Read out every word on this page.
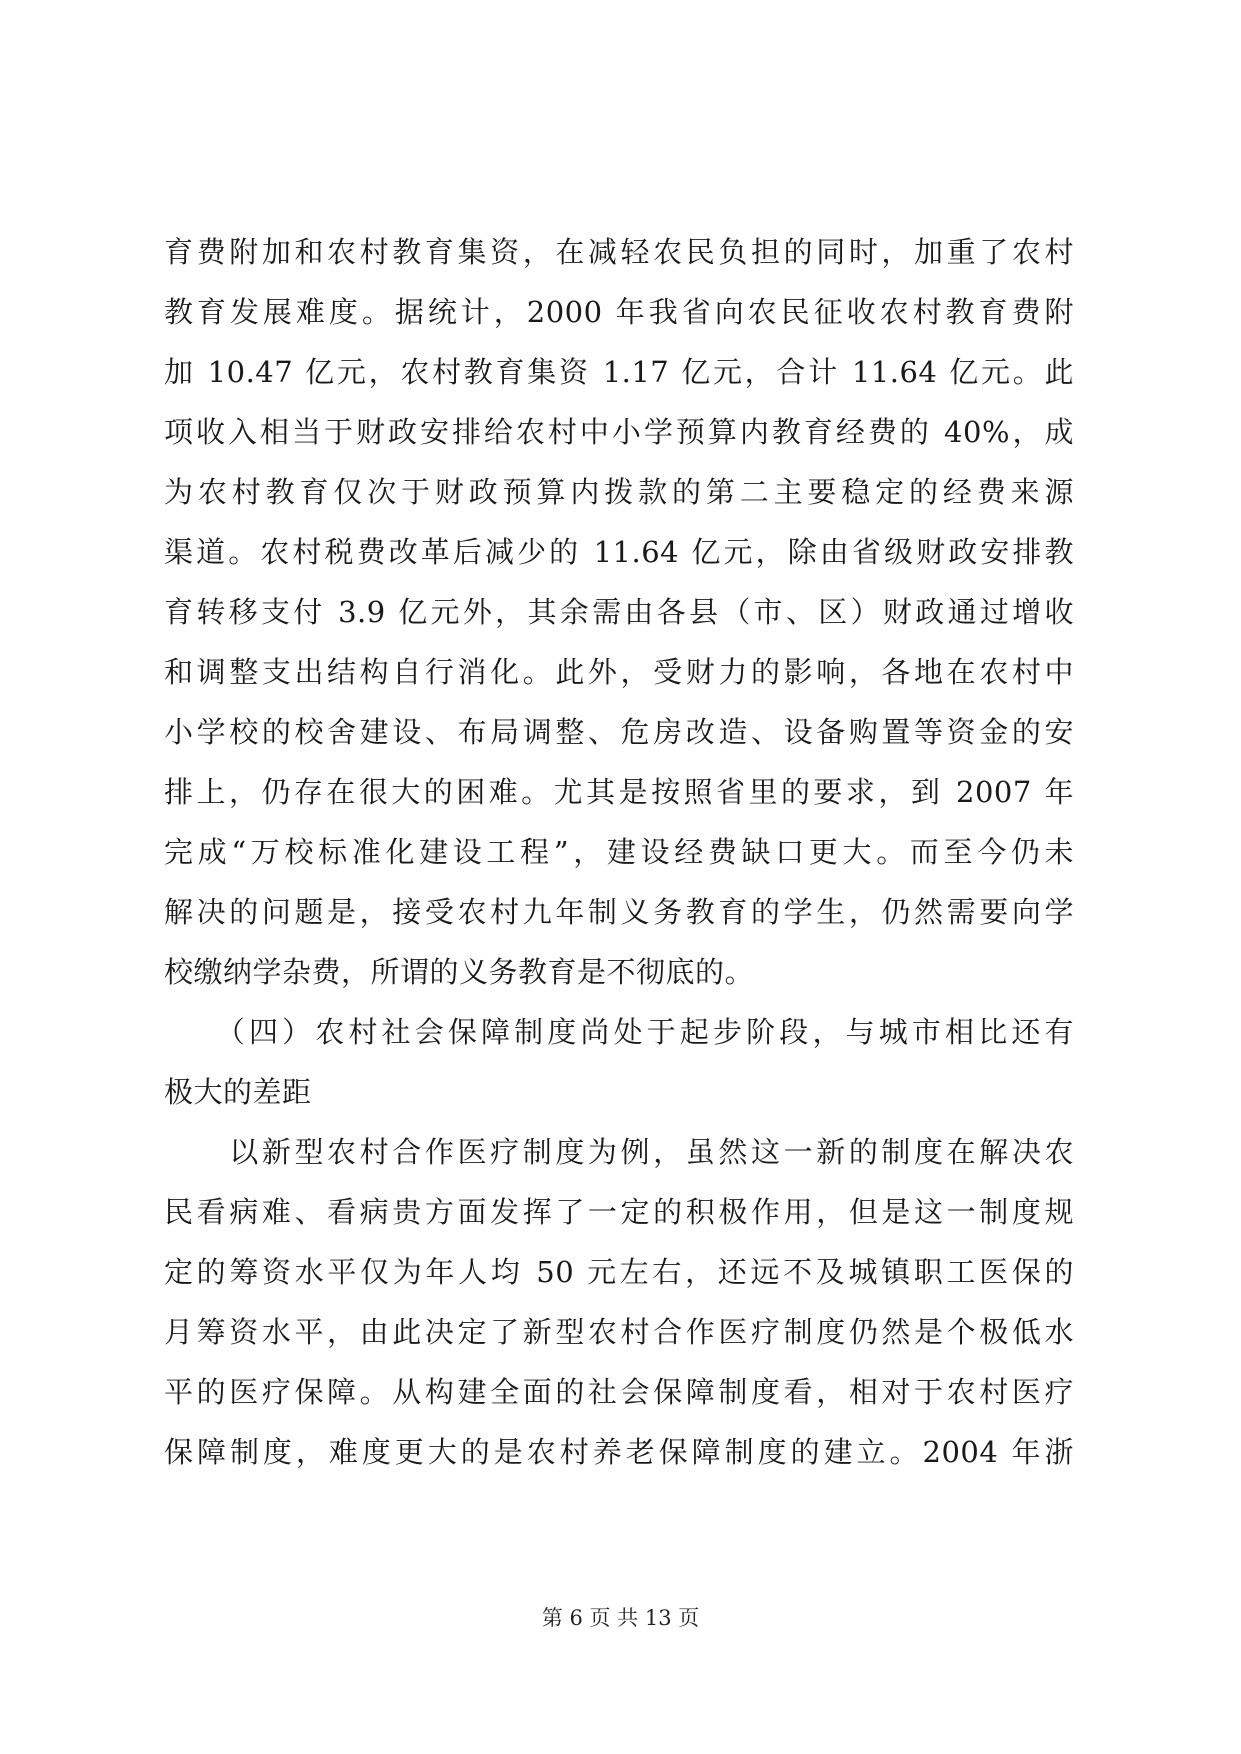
育费附加和农村教育集资，在减轻农民负担的同时，加重了农村
教育发展难度。据统计，2000 年我省向农民征收农村教育费附
加 10.47 亿元，农村教育集资 1.17 亿元，合计 11.64 亿元。此
项收入相当于财政安排给农村中小学预算内教育经费的 40%，成
为农村教育仅次于财政预算内拨款的第二主要稳定的经费来源
渠道。农村税费改革后减少的 11.64 亿元，除由省级财政安排教
育转移支付 3.9 亿元外，其余需由各县（市、区）财政通过增收
和调整支出结构自行消化。此外，受财力的影响，各地在农村中
小学校的校舍建设、布局调整、危房改造、设备购置等资金的安
排上，仍存在很大的困难。尤其是按照省里的要求，到 2007 年
完成“万校标准化建设工程”，建设经费缺口更大。而至今仍未
解决的问题是，接受农村九年制义务教育的学生，仍然需要向学
校缴纳学杂费，所谓的义务教育是不彻底的。
　　（四）农村社会保障制度尚处于起步阶段，与城市相比还有
极大的差距
　　以新型农村合作医疗制度为例，虽然这一新的制度在解决农
民看病难、看病贵方面发挥了一定的积极作用，但是这一制度规
定的筹资水平仅为年人均 50 元左右，还远不及城镇职工医保的
月筹资水平，由此决定了新型农村合作医疗制度仍然是个极低水
平的医疗保障。从构建全面的社会保障制度看，相对于农村医疗
保障制度，难度更大的是农村养老保障制度的建立。2004 年浙
第 6 页 共 13 页
